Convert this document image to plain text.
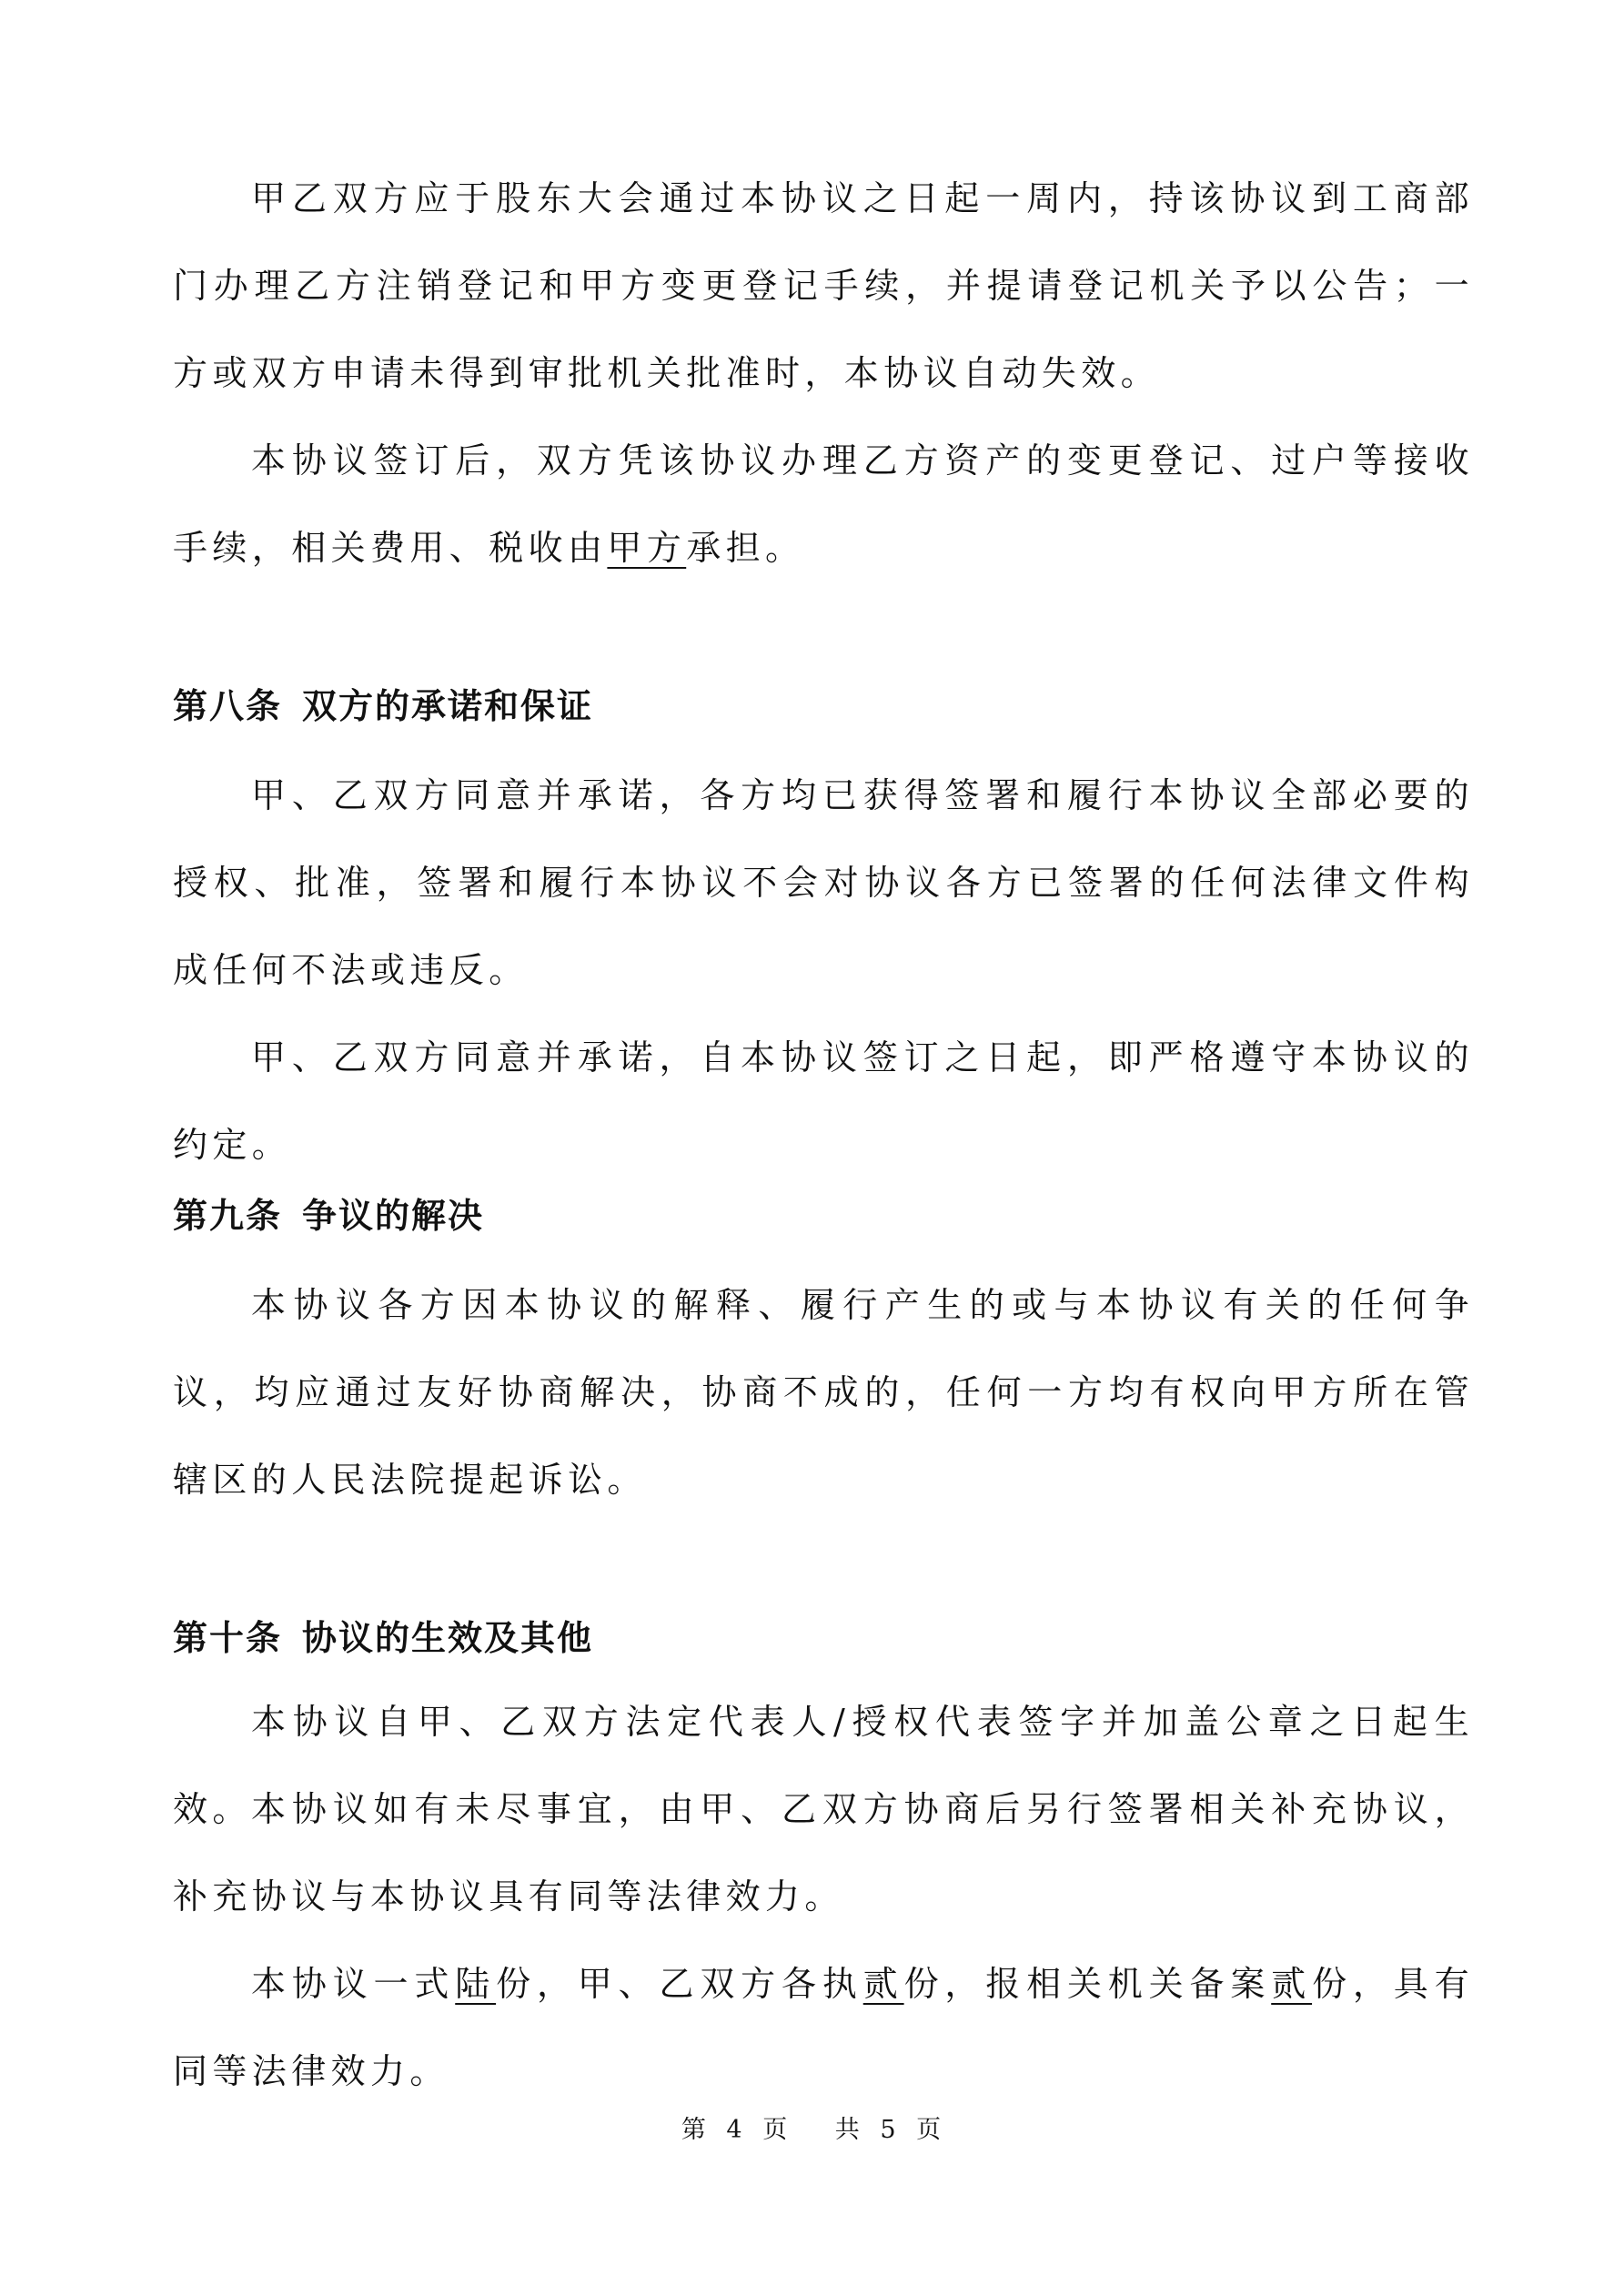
甲乙双方应于股东大会通过本协议之日起一周内，持该协议到工商部门办理乙方注销登记和甲方变更登记手续，并提请登记机关予以公告；一方或双方申请未得到审批机关批准时，本协议自动失效。

本协议签订后，双方凭该协议办理乙方资产的变更登记、过户等接收手续，相关费用、税收由甲方承担。

第八条 双方的承诺和保证

甲、乙双方同意并承诺，各方均已获得签署和履行本协议全部必要的授权、批准，签署和履行本协议不会对协议各方已签署的任何法律文件构成任何不法或违反。

甲、乙双方同意并承诺，自本协议签订之日起，即严格遵守本协议的约定。

第九条 争议的解决

本协议各方因本协议的解释、履行产生的或与本协议有关的任何争议，均应通过友好协商解决，协商不成的，任何一方均有权向甲方所在管辖区的人民法院提起诉讼。

第十条 协议的生效及其他

本协议自甲、乙双方法定代表人/授权代表签字并加盖公章之日起生效。 本协议如有未尽事宜，由甲、乙双方协商后另行签署相关补充协议，补充协议与本协议具有同等法律效力。

本协议一式陆份，甲、乙双方各执贰份，报相关机关备案贰份，具有同等法律效力。

第 4 页 共 5 页
